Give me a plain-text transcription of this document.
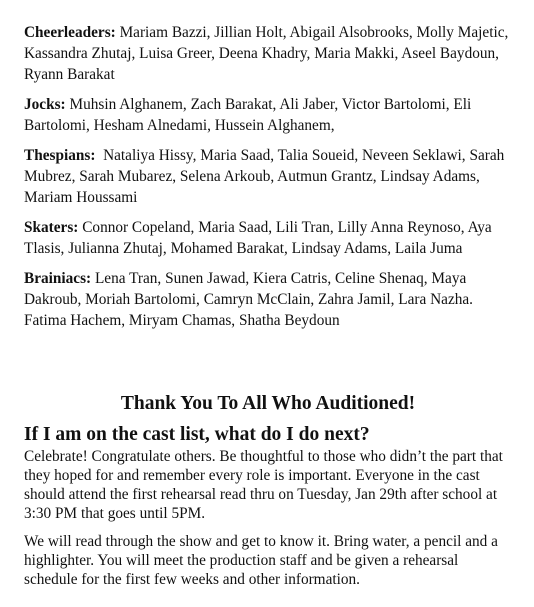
Cheerleaders: Mariam Bazzi, Jillian Holt, Abigail Alsobrooks, Molly Majetic, Kassandra Zhutaj, Luisa Greer, Deena Khadry, Maria Makki, Aseel Baydoun, Ryann Barakat
Jocks: Muhsin Alghanem, Zach Barakat, Ali Jaber, Victor Bartolomi, Eli Bartolomi, Hesham Alnedami, Hussein Alghanem,
Thespians:  Nataliya Hissy, Maria Saad, Talia Soueid, Neveen Seklawi, Sarah Mubrez, Sarah Mubarez, Selena Arkoub, Autmun Grantz, Lindsay Adams, Mariam Houssami
Skaters: Connor Copeland, Maria Saad, Lili Tran, Lilly Anna Reynoso, Aya Tlasis, Julianna Zhutaj, Mohamed Barakat, Lindsay Adams, Laila Juma
Brainiacs: Lena Tran, Sunen Jawad, Kiera Catris, Celine Shenaq, Maya Dakroub, Moriah Bartolomi, Camryn McClain, Zahra Jamil, Lara Nazha. Fatima Hachem, Miryam Chamas, Shatha Beydoun
Thank You To All Who Auditioned!
If I am on the cast list, what do I do next?

Celebrate! Congratulate others. Be thoughtful to those who didn’t the part that they hoped for and remember every role is important. Everyone in the cast should attend the first rehearsal read thru on Tuesday, Jan 29th after school at 3:30 PM that goes until 5PM.

We will read through the show and get to know it. Bring water, a pencil and a highlighter. You will meet the production staff and be given a rehearsal schedule for the first few weeks and other information.
